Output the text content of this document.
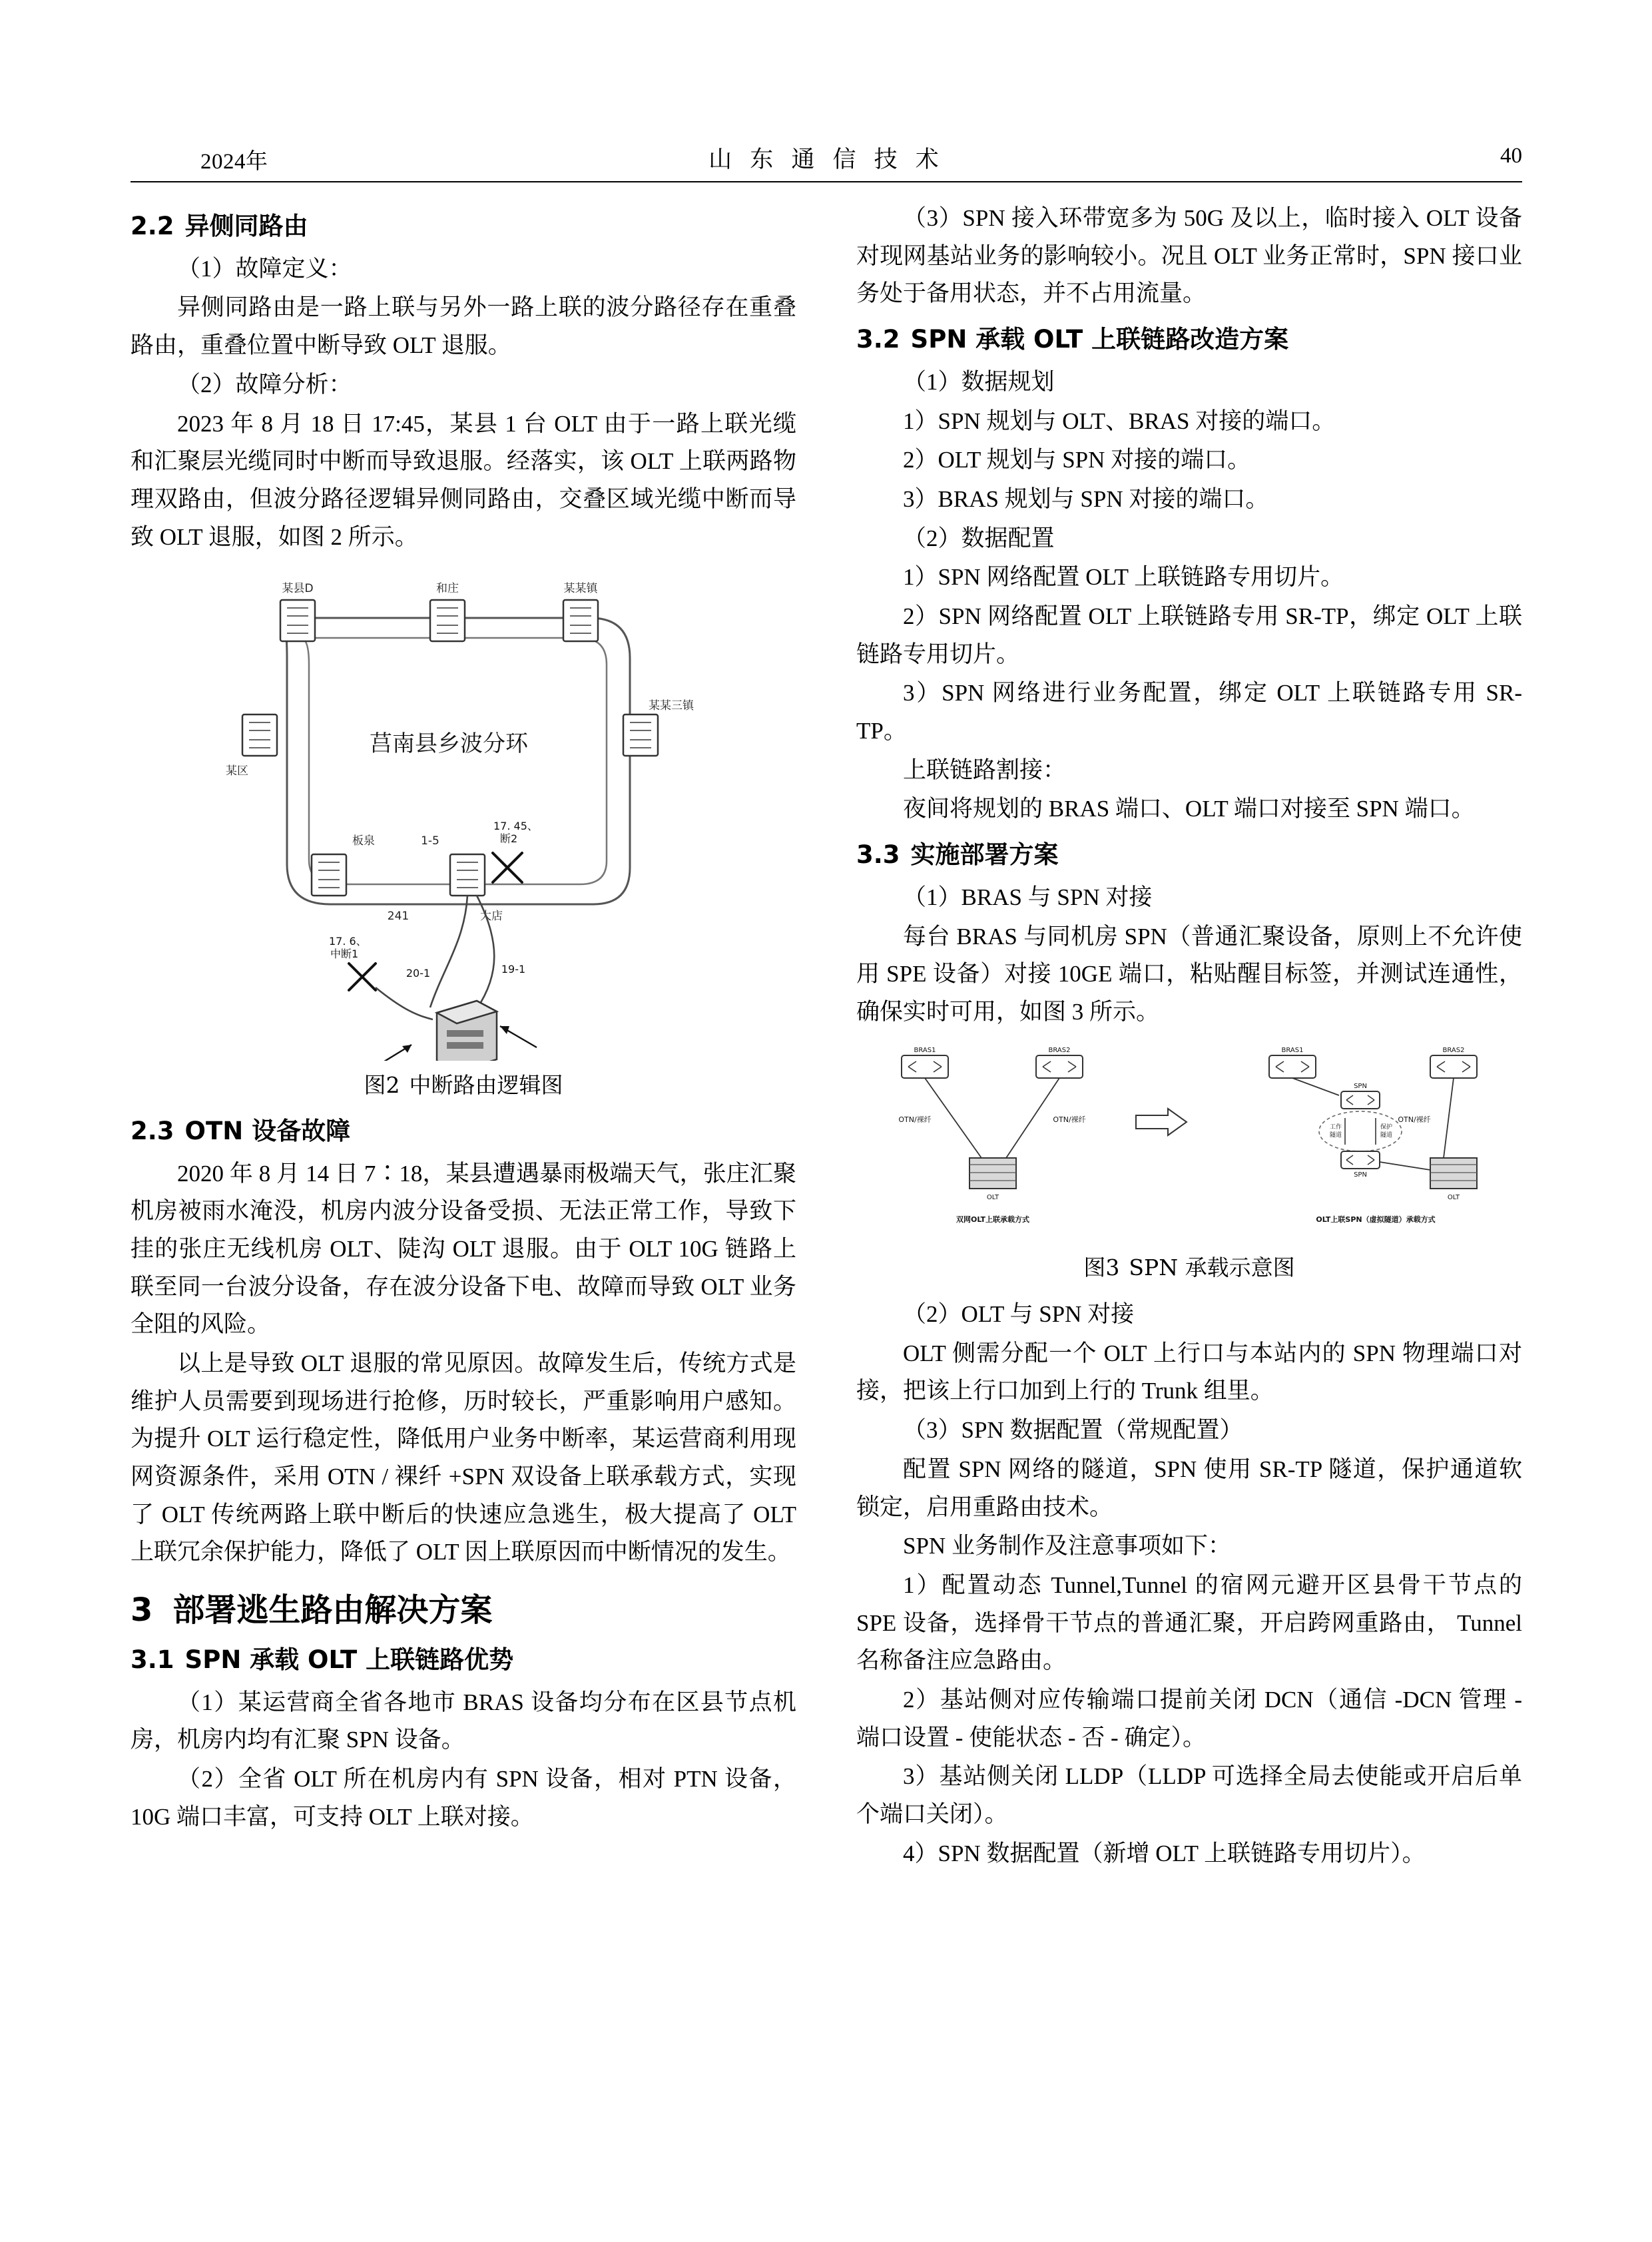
2024年	山 东 通 信 技 术	40
2.2 异侧同路由

（1）故障定义：

异侧同路由是一路上联与另外一路上联的波分路径存在重叠路由，重叠位置中断导致 OLT 退服。

（2）故障分析：

2023 年 8 月 18 日 17:45，某县 1 台 OLT 由于一路上联光缆和汇聚层光缆同时中断而导致退服。经落实，该 OLT 上联两路物理双路由，但波分路径逻辑异侧同路由，交叠区域光缆中断而导致 OLT 退服，如图 2 所示。

某县D	和庄	某某镇
某区
某某三镇
板泉	1-5
241	大店
莒南县乡波分环
17. 45、
断2
17. 6、
中断1
20-1	19-1
图2 中断路由逻辑图
2.3 OTN 设备故障

2020 年 8 月 14 日 7∶18，某县遭遇暴雨极端天气，张庄汇聚机房被雨水淹没，机房内波分设备受损、无法正常工作，导致下挂的张庄无线机房 OLT、陡沟 OLT 退服。由于 OLT 10G 链路上联至同一台波分设备，存在波分设备下电、故障而导致 OLT 业务全阻的风险。

以上是导致 OLT 退服的常见原因。故障发生后，传统方式是维护人员需要到现场进行抢修，历时较长，严重影响用户感知。为提升 OLT 运行稳定性，降低用户业务中断率，某运营商利用现网资源条件，采用 OTN / 裸纤 +SPN 双设备上联承载方式，实现了 OLT 传统两路上联中断后的快速应急逃生，极大提高了 OLT 上联冗余保护能力，降低了 OLT 因上联原因而中断情况的发生。

3 部署逃生路由解决方案
3.1 SPN 承载 OLT 上联链路优势

（1）某运营商全省各地市 BRAS 设备均分布在区县节点机房，机房内均有汇聚 SPN 设备。

（2）全省 OLT 所在机房内有 SPN 设备，相对 PTN 设备，10G 端口丰富，可支持 OLT 上联对接。

（3）SPN 接入环带宽多为 50G 及以上，临时接入 OLT 设备对现网基站业务的影响较小。况且 OLT 业务正常时，SPN 接口业务处于备用状态，并不占用流量。

3.2 SPN 承载 OLT 上联链路改造方案

（1）数据规划

1）SPN 规划与 OLT、BRAS 对接的端口。

2）OLT 规划与 SPN 对接的端口。

3）BRAS 规划与 SPN 对接的端口。

（2）数据配置

1）SPN 网络配置 OLT 上联链路专用切片。

2）SPN 网络配置 OLT 上联链路专用 SR-TP，绑定 OLT 上联链路专用切片。

3）SPN 网络进行业务配置，绑定 OLT 上联链路专用 SR-TP。

上联链路割接：

夜间将规划的 BRAS 端口、OLT 端口对接至 SPN 端口。

3.3 实施部署方案

（1）BRAS 与 SPN 对接

每台 BRAS 与同机房 SPN（普通汇聚设备，原则上不允许使用 SPE 设备）对接 10GE 端口，粘贴醒目标签，并测试连通性，确保实时可用，如图 3 所示。

BRAS1	BRAS2
OLT
OTN/裸纤	OTN/裸纤
双网OLT上联承载方式
BRAS1	BRAS2
SPN
工作
隧道
保护
隧道
SPN
OLT
OTN/裸纤
OLT上联SPN（虚拟隧道）承载方式
图3 SPN 承载示意图

（2）OLT 与 SPN 对接

OLT 侧需分配一个 OLT 上行口与本站内的 SPN 物理端口对接，把该上行口加到上行的 Trunk 组里。

（3）SPN 数据配置（常规配置）

配置 SPN 网络的隧道，SPN 使用 SR-TP 隧道，保护通道软锁定，启用重路由技术。

SPN 业务制作及注意事项如下：

1）配置动态 Tunnel,Tunnel 的宿网元避开区县骨干节点的 SPE 设备，选择骨干节点的普通汇聚，开启跨网重路由， Tunnel 名称备注应急路由。

2）基站侧对应传输端口提前关闭 DCN（通信 -DCN 管理 - 端口设置 - 使能状态 - 否 - 确定）。

3）基站侧关闭 LLDP（LLDP 可选择全局去使能或开启后单个端口关闭）。

4）SPN 数据配置（新增 OLT 上联链路专用切片）。
